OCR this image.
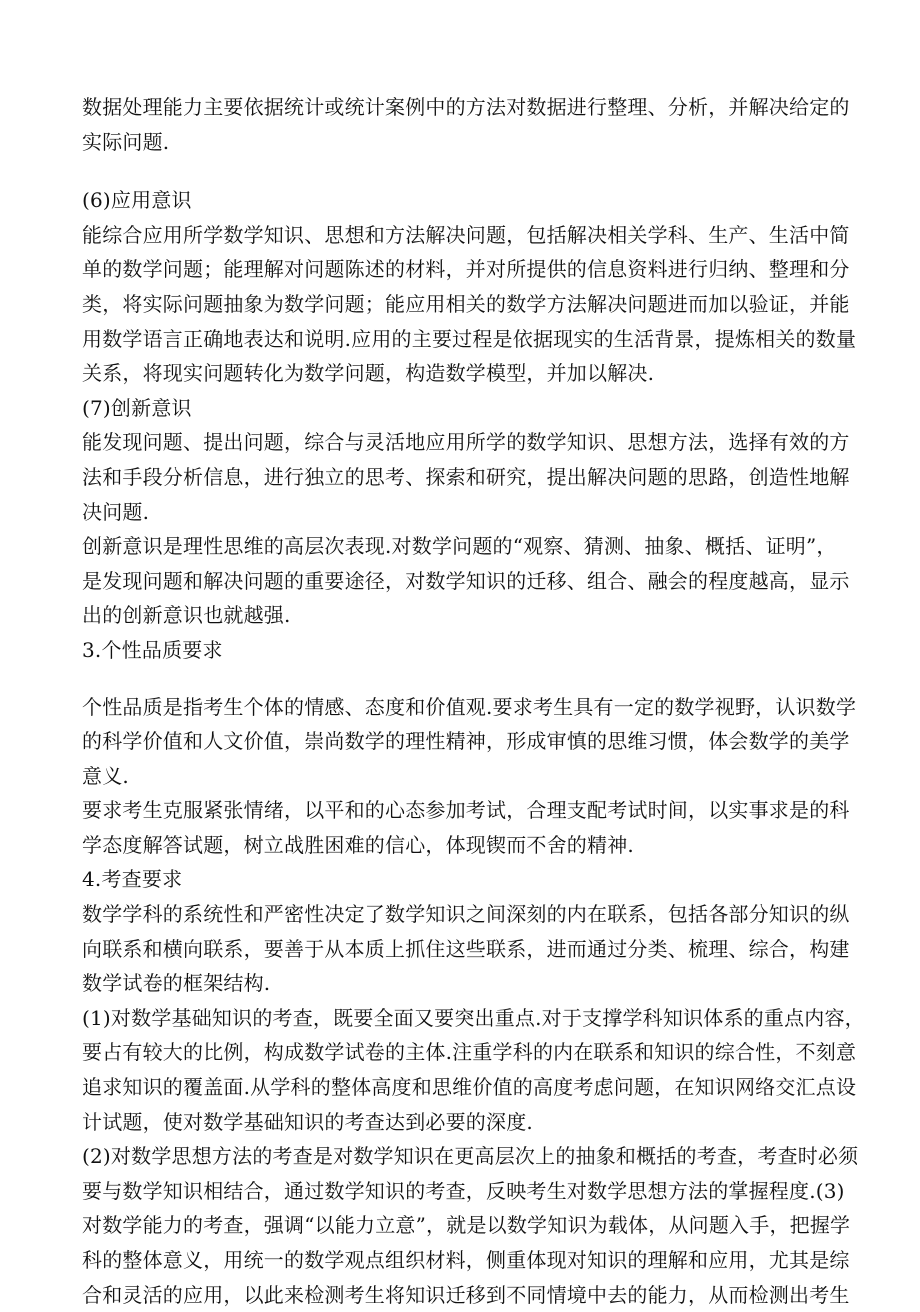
数据处理能力主要依据统计或统计案例中的方法对数据进行整理、分析，并解决给定的
实际问题.

(6)应用意识

能综合应用所学数学知识、思想和方法解决问题，包括解决相关学科、生产、生活中简
单的数学问题；能理解对问题陈述的材料，并对所提供的信息资料进行归纳、整理和分
类，将实际问题抽象为数学问题；能应用相关的数学方法解决问题进而加以验证，并能
用数学语言正确地表达和说明.应用的主要过程是依据现实的生活背景，提炼相关的数量
关系，将现实问题转化为数学问题，构造数学模型，并加以解决.

(7)创新意识

能发现问题、提出问题，综合与灵活地应用所学的数学知识、思想方法，选择有效的方
法和手段分析信息，进行独立的思考、探索和研究，提出解决问题的思路，创造性地解
决问题.

创新意识是理性思维的高层次表现.对数学问题的“观察、猜测、抽象、概括、证明”，
是发现问题和解决问题的重要途径，对数学知识的迁移、组合、融会的程度越高，显示
出的创新意识也就越强.

3.个性品质要求

个性品质是指考生个体的情感、态度和价值观.要求考生具有一定的数学视野，认识数学
的科学价值和人文价值，崇尚数学的理性精神，形成审慎的思维习惯，体会数学的美学
意义.

要求考生克服紧张情绪，以平和的心态参加考试，合理支配考试时间，以实事求是的科
学态度解答试题，树立战胜困难的信心，体现锲而不舍的精神.

4.考查要求

数学学科的系统性和严密性决定了数学知识之间深刻的内在联系，包括各部分知识的纵
向联系和横向联系，要善于从本质上抓住这些联系，进而通过分类、梳理、综合，构建
数学试卷的框架结构.

(1)对数学基础知识的考查，既要全面又要突出重点.对于支撑学科知识体系的重点内容，
要占有较大的比例，构成数学试卷的主体.注重学科的内在联系和知识的综合性，不刻意
追求知识的覆盖面.从学科的整体高度和思维价值的高度考虑问题，在知识网络交汇点设
计试题，使对数学基础知识的考查达到必要的深度.

(2)对数学思想方法的考查是对数学知识在更高层次上的抽象和概括的考查，考查时必须
要与数学知识相结合，通过数学知识的考查，反映考生对数学思想方法的掌握程度.(3)
对数学能力的考查，强调“以能力立意”，就是以数学知识为载体，从问题入手，把握学
科的整体意义，用统一的数学观点组织材料，侧重体现对知识的理解和应用，尤其是综
合和灵活的应用，以此来检测考生将知识迁移到不同情境中去的能力，从而检测出考生
